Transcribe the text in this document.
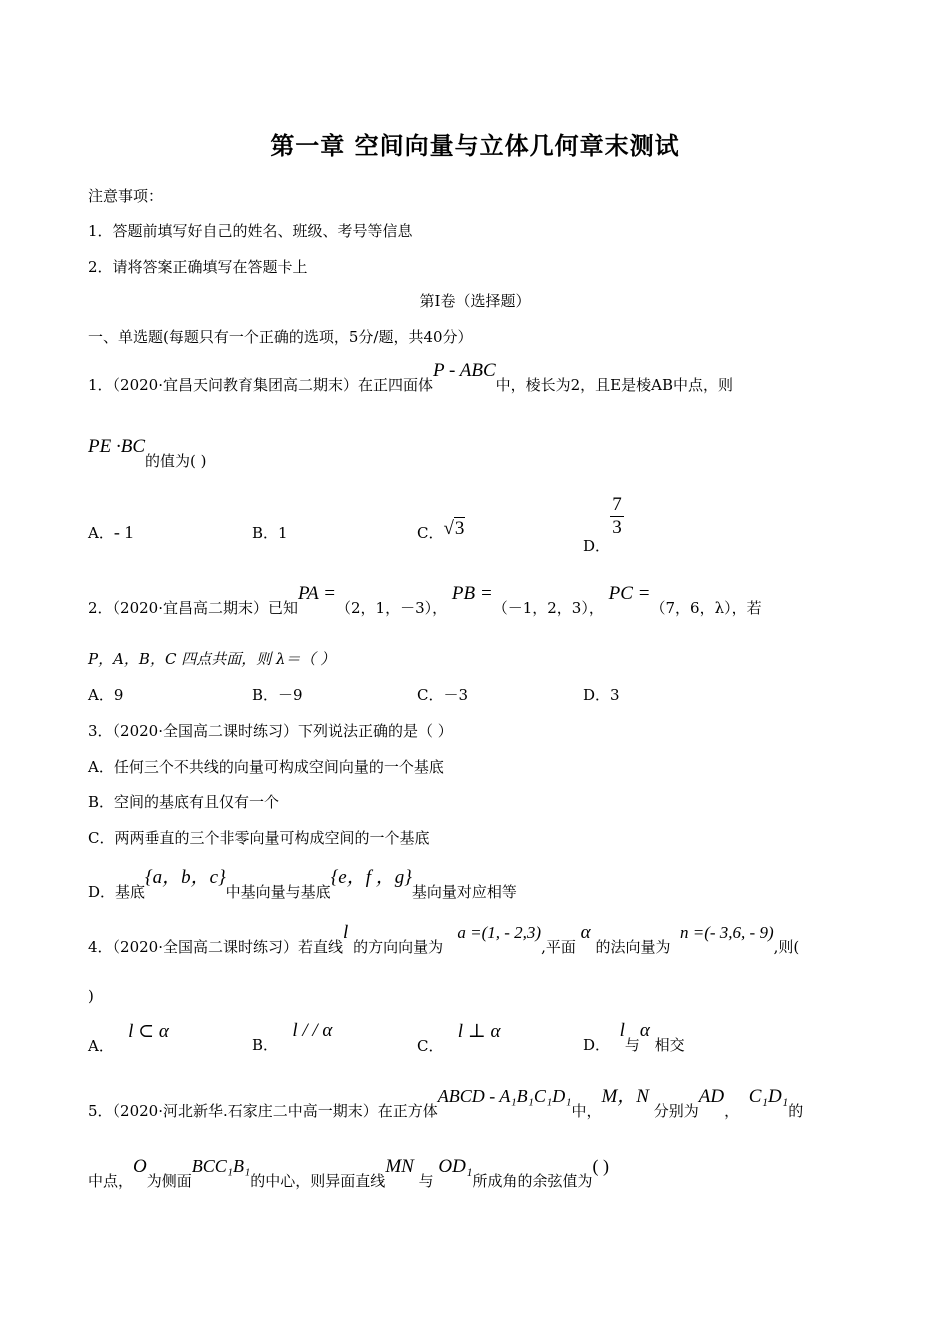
第一章 空间向量与立体几何章末测试
注意事项：
1．答题前填写好自己的姓名、班级、考号等信息
2．请将答案正确填写在答题卡上
第I卷（选择题）
一、单选题(每题只有一个正确的选项，5分/题，共40分）
1．（2020·宜昌天问教育集团高二期末）在正四面体P - ABC中，棱长为2，且E是棱AB中点，则
PE ·BC的值为( )
A．- 1	B．1	C．√3
D．
$\frac{7}{3}$
2．（2020·宜昌高二期末）已知PA =（2，1，－3）， PB =（－1，2，3）， PC =（7，6，λ），若
P，A，B，C 四点共面，则 λ＝（ ）
A．9	B．－9	C．－3	D．3
3．（2020·全国高二课时练习）下列说法正确的是（ ）
A．任何三个不共线的向量可构成空间向量的一个基底
B．空间的基底有且仅有一个
C．两两垂直的三个非零向量可构成空间的一个基底
D．基底{a，b，c}中基向量与基底{e，f ，g}基向量对应相等
4．（2020·全国高二课时练习）若直线l 的方向向量为   a =(1, - 2,3),平面 α 的法向量为  n =(- 3,6, - 9),则(
)
A．   l ⊂ α
B．   l / / α
C．   l ⊥ α
D．  l与α 相交
5．（2020·河北新华.石家庄二中高一期末）在正方体ABCD - A₁B₁C₁D₁中，M，N 分别为AD，  C₁D₁的
中点，O为侧面BCC₁B₁的中心，则异面直线MN 与 OD₁所成角的余弦值为( )
